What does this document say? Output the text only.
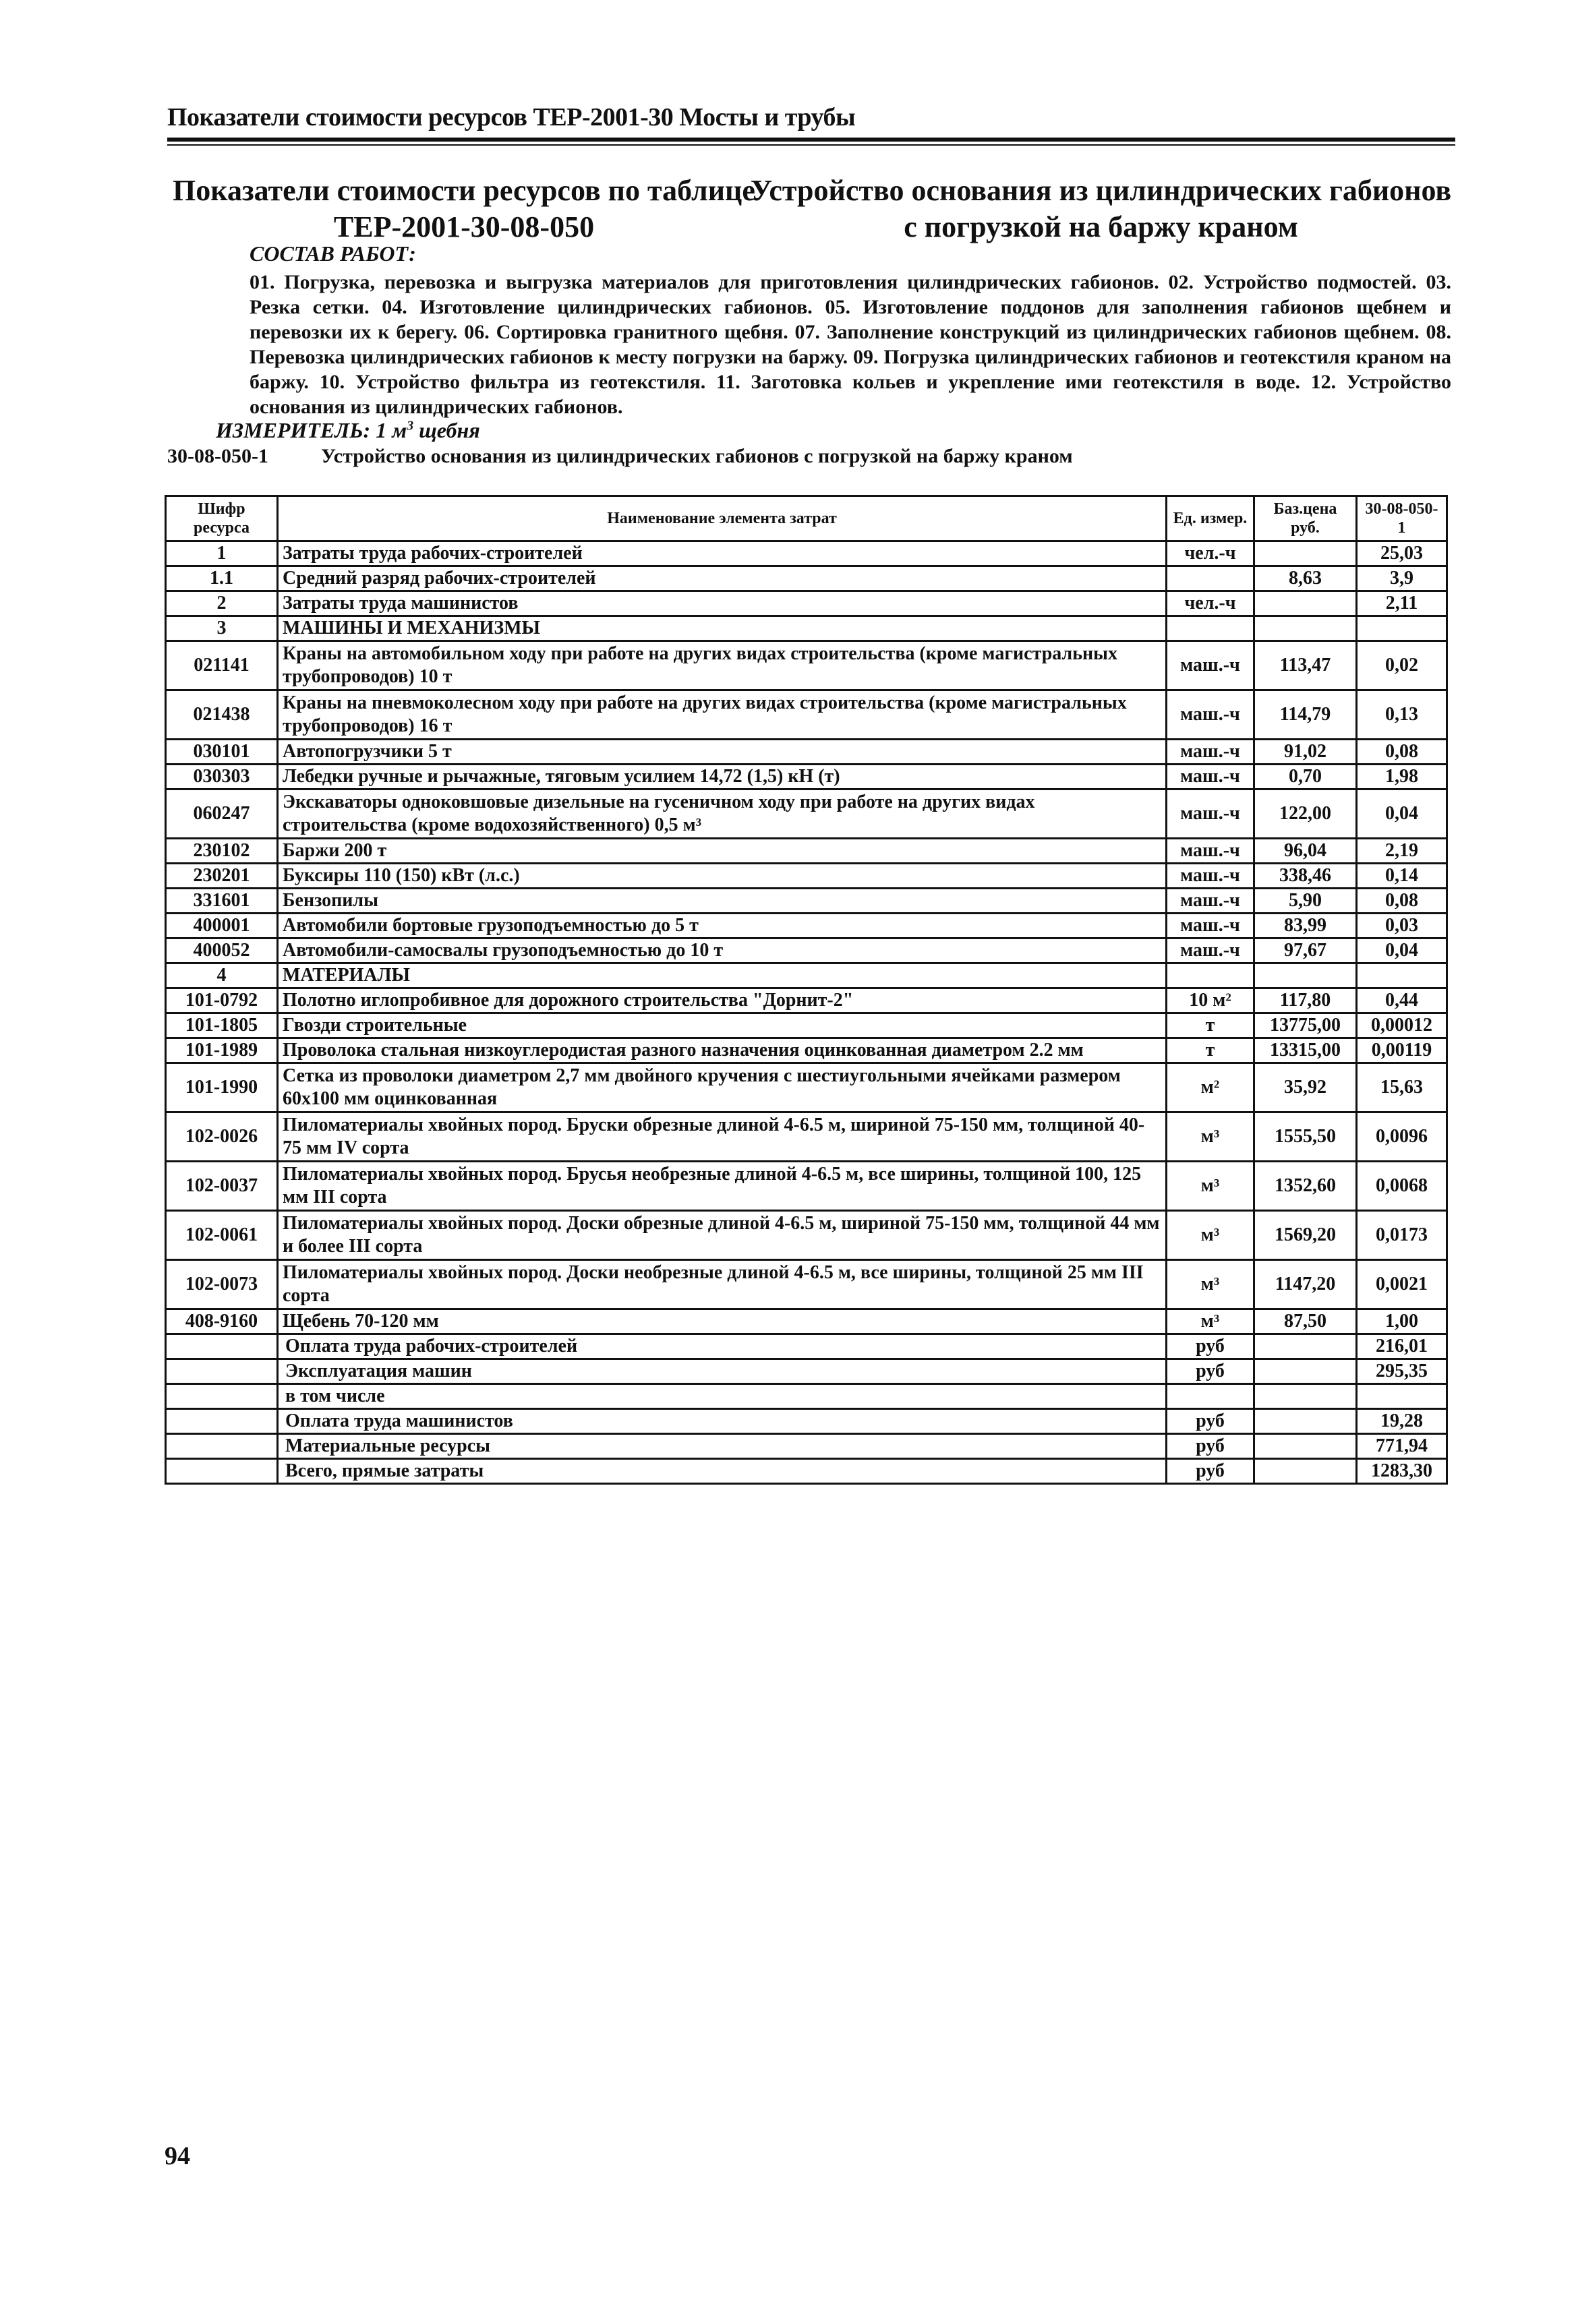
Показатели стоимости ресурсов ТЕР-2001-30 Мосты и трубы
Показатели стоимости ресурсов по таблице ТЕР-2001-30-08-050
Устройство основания из цилиндрических габионов с погрузкой на баржу краном
СОСТАВ РАБОТ:
01. Погрузка, перевозка и выгрузка материалов для приготовления цилиндрических габионов. 02. Устройство подмостей. 03. Резка сетки. 04. Изготовление цилиндрических габионов. 05. Изготовление поддонов для заполнения габионов щебнем и перевозки их к берегу. 06. Сортировка гранитного щебня. 07. Заполнение конструкций из цилиндрических габионов щебнем. 08. Перевозка цилиндрических габионов к месту погрузки на баржу. 09. Погрузка цилиндрических габионов и геотекстиля краном на баржу. 10. Устройство фильтра из геотекстиля. 11. Заготовка кольев и укрепление ими геотекстиля в воде. 12. Устройство основания из цилиндрических габионов.
ИЗМЕРИТЕЛЬ: 1 $м^3$ щебня
30-08-050-1	Устройство основания из цилиндрических габионов с погрузкой на баржу краном
Шифр ресурса	Наименование элемента затрат	Ед. измер.	Баз.цена руб.	30-08-050-1
1	Затраты труда рабочих-строителей	чел.-ч		25,03
1.1	Средний разряд рабочих-строителей		8,63	3,9
2	Затраты труда машинистов	чел.-ч		2,11
3	МАШИНЫ И МЕХАНИЗМЫ			
021141	Краны на автомобильном ходу при работе на других видах строительства (кроме магистральных трубопроводов) 10 т	маш.-ч	113,47	0,02
021438	Краны на пневмоколесном ходу при работе на других видах строительства (кроме магистральных трубопроводов) 16 т	маш.-ч	114,79	0,13
030101	Автопогрузчики 5 т	маш.-ч	91,02	0,08
030303	Лебедки ручные и рычажные, тяговым усилием 14,72 (1,5) кН (т)	маш.-ч	0,70	1,98
060247	Экскаваторы одноковшовые дизельные на гусеничном ходу при работе на других видах строительства (кроме водохозяйственного) 0,5 м³	маш.-ч	122,00	0,04
230102	Баржи 200 т	маш.-ч	96,04	2,19
230201	Буксиры 110 (150) кВт (л.с.)	маш.-ч	338,46	0,14
331601	Бензопилы	маш.-ч	5,90	0,08
400001	Автомобили бортовые грузоподъемностью до 5 т	маш.-ч	83,99	0,03
400052	Автомобили-самосвалы грузоподъемностью до 10 т	маш.-ч	97,67	0,04
4	МАТЕРИАЛЫ			
101-0792	Полотно иглопробивное для дорожного строительства "Дорнит-2"	10 м²	117,80	0,44
101-1805	Гвозди строительные	т	13775,00	0,00012
101-1989	Проволока стальная низкоуглеродистая разного назначения оцинкованная диаметром 2.2 мм	т	13315,00	0,00119
101-1990	Сетка из проволоки диаметром 2,7 мм двойного кручения с шестиугольными ячейками размером 60х100 мм оцинкованная	м²	35,92	15,63
102-0026	Пиломатериалы хвойных пород. Бруски обрезные длиной 4-6.5 м, шириной 75-150 мм, толщиной 40-75 мм IV сорта	м³	1555,50	0,0096
102-0037	Пиломатериалы хвойных пород. Брусья необрезные длиной 4-6.5 м, все ширины, толщиной 100, 125 мм III сорта	м³	1352,60	0,0068
102-0061	Пиломатериалы хвойных пород. Доски обрезные длиной 4-6.5 м, шириной 75-150 мм, толщиной 44 мм и более III сорта	м³	1569,20	0,0173
102-0073	Пиломатериалы хвойных пород. Доски необрезные длиной 4-6.5 м, все ширины, толщиной 25 мм III сорта	м³	1147,20	0,0021
408-9160	Щебень 70-120 мм	м³	87,50	1,00
	Оплата труда рабочих-строителей	руб		216,01
	Эксплуатация машин	руб		295,35
	в том числе			
	Оплата труда машинистов	руб		19,28
	Материальные ресурсы	руб		771,94
	Всего, прямые затраты	руб		1283,30
94
